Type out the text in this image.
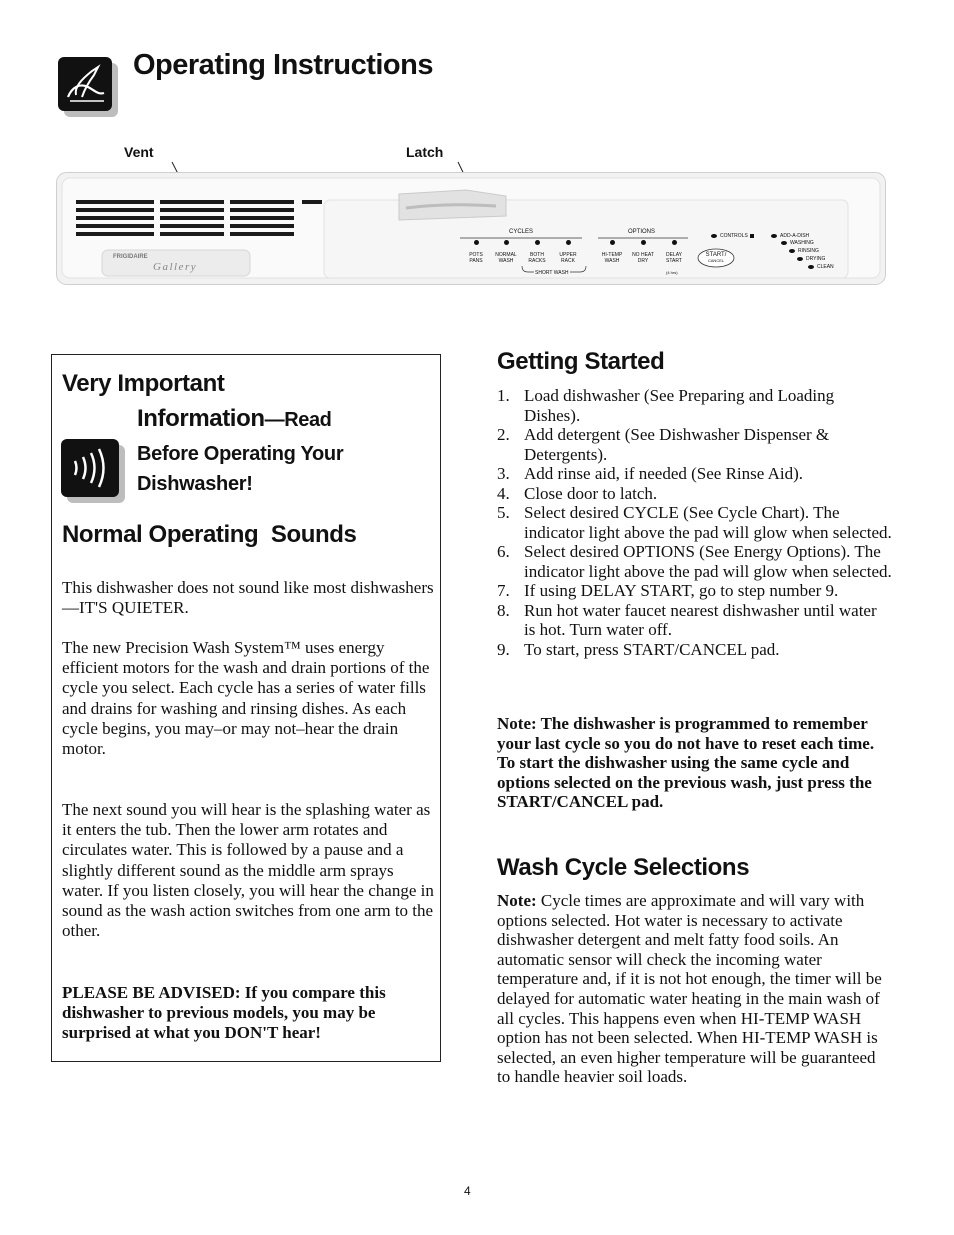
Operating Instructions
Vent	Latch
FRIGIDAIRE
Gallery
CYCLES	OPTIONS
POTS
PANS
NORMAL
WASH
BOTH
RACKS
UPPER
RACK
SHORT WASH
HI-TEMP
WASH
NO HEAT
DRY
DELAY
START
(4 hrs)
START/
CANCEL
CONTROLS	ADD-A-DISH
WASHING
RINSING
DRYING
CLEAN
Very Important
Information—Read
Before Operating Your Dishwasher!
Normal Operating  Sounds
This dishwasher does not sound like most dishwashers—IT'S QUIETER.
The new Precision Wash System™ uses energy efficient motors for the wash and drain portions of the cycle you select. Each cycle has a series of water fills and drains for washing and rinsing dishes. As each cycle begins, you may–or may not–hear the drain motor.
The next sound you will hear is the splashing water as it enters the tub. Then the lower arm rotates and circulates water. This is followed by a pause and a slightly different sound as the middle arm sprays water. If you listen closely, you will hear the change in sound as the wash action switches from one arm to the other.
PLEASE BE ADVISED: If you compare this dishwasher to previous models, you may be surprised at what you DON'T hear!
Getting Started
1. Load dishwasher (See Preparing and Loading Dishes).
2. Add detergent (See Dishwasher Dispenser & Detergents).
3. Add rinse aid, if needed (See Rinse Aid).
4. Close door to latch.
5. Select desired CYCLE (See Cycle Chart). The indicator light above the pad will glow when selected.
6. Select desired OPTIONS (See Energy Options). The indicator light above the pad will glow when selected.
7. If using DELAY START, go to step number 9.
8. Run hot water faucet nearest dishwasher until water is hot. Turn water off.
9. To start, press START/CANCEL pad.
Note: The dishwasher is programmed to remember your last cycle so you do not have to reset each time. To start the dishwasher using the same cycle and options selected on the previous wash, just press the START/CANCEL pad.
Wash Cycle Selections
Note: Cycle times are approximate and will vary with options selected. Hot water is necessary to activate dishwasher detergent and melt fatty food soils. An automatic sensor will check the incoming water temperature and, if it is not hot enough, the timer will be delayed for automatic water heating in the main wash of all cycles. This happens even when HI-TEMP WASH option has not been selected. When HI-TEMP WASH is selected, an even higher temperature will be guaranteed to handle heavier soil loads.
4
